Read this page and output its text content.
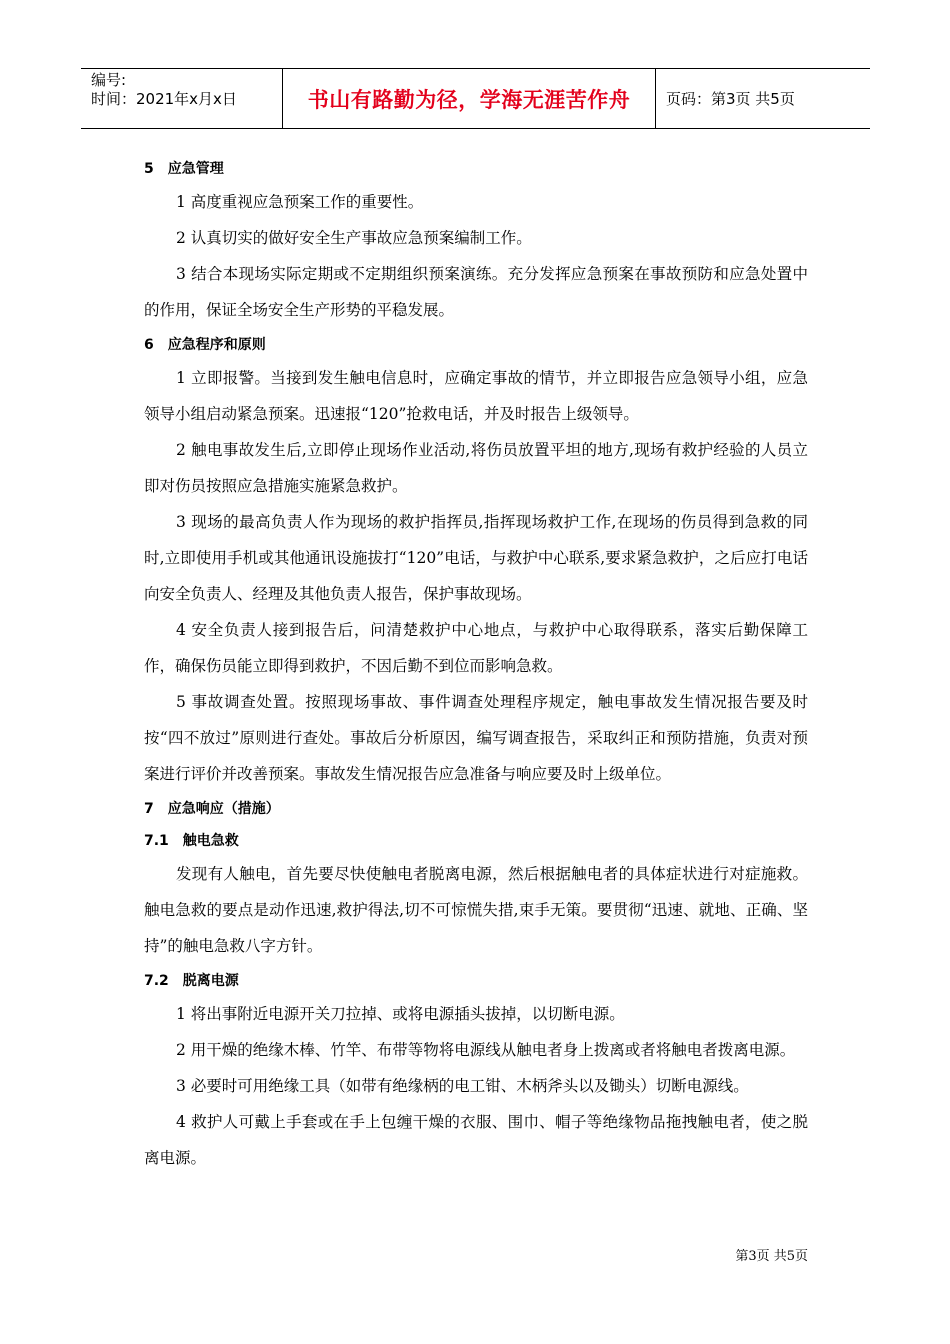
编号:
时间：2021年x月x日	书山有路勤为径，学海无涯苦作舟	页码：第3页 共5页
5　应急管理

1 高度重视应急预案工作的重要性。

2 认真切实的做好安全生产事故应急预案编制工作。

3 结合本现场实际定期或不定期组织预案演练。充分发挥应急预案在事故预防和应急处置中的作用，保证全场安全生产形势的平稳发展。

6　应急程序和原则

1 立即报警。当接到发生触电信息时，应确定事故的情节，并立即报告应急领导小组，应急领导小组启动紧急预案。迅速报“120”抢救电话，并及时报告上级领导。

2 触电事故发生后,立即停止现场作业活动,将伤员放置平坦的地方,现场有救护经验的人员立即对伤员按照应急措施实施紧急救护。

3 现场的最高负责人作为现场的救护指挥员,指挥现场救护工作,在现场的伤员得到急救的同时,立即使用手机或其他通讯设施拔打“120”电话，与救护中心联系,要求紧急救护，之后应打电话向安全负责人、经理及其他负责人报告，保护事故现场。

4 安全负责人接到报告后，问清楚救护中心地点，与救护中心取得联系，落实后勤保障工作，确保伤员能立即得到救护，不因后勤不到位而影响急救。

5 事故调查处置。按照现场事故、事件调查处理程序规定，触电事故发生情况报告要及时按“四不放过”原则进行查处。事故后分析原因，编写调查报告，采取纠正和预防措施，负责对预案进行评价并改善预案。事故发生情况报告应急准备与响应要及时上级单位。

7　应急响应（措施）
7.1　触电急救

发现有人触电，首先要尽快使触电者脱离电源，然后根据触电者的具体症状进行对症施救。触电急救的要点是动作迅速,救护得法,切不可惊慌失措,束手无策。要贯彻“迅速、就地、正确、坚持”的触电急救八字方针。

7.2　脱离电源

1 将出事附近电源开关刀拉掉、或将电源插头拔掉，以切断电源。

2 用干燥的绝缘木棒、竹竿、布带等物将电源线从触电者身上拨离或者将触电者拨离电源。

3 必要时可用绝缘工具（如带有绝缘柄的电工钳、木柄斧头以及锄头）切断电源线。

4 救护人可戴上手套或在手上包缠干燥的衣服、围巾、帽子等绝缘物品拖拽触电者，使之脱离电源。

第3页 共5页
